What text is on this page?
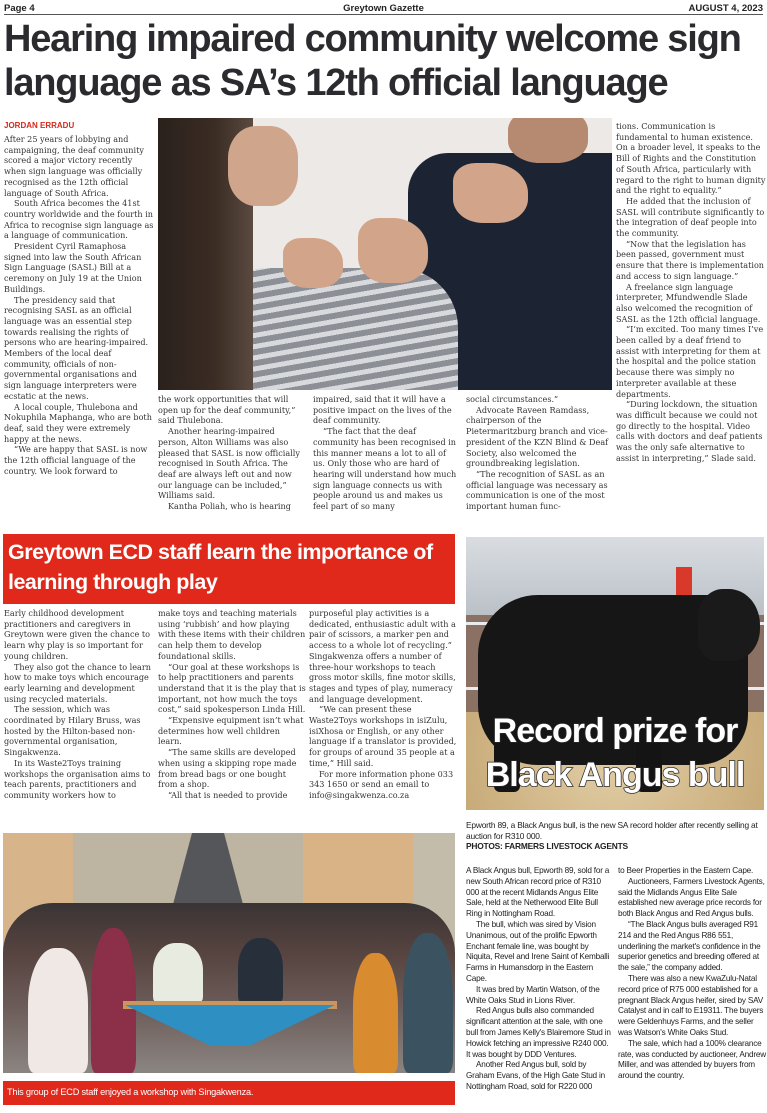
Page 4	Greytown Gazette	AUGUST 4, 2023
Hearing impaired community welcome sign language as SA’s 12th official language
JORDAN ERRADU

After 25 years of lobbying and campaigning, the deaf community scored a major victory recently when sign language was officially recognised as the 12th official language of South Africa.

South Africa becomes the 41st country worldwide and the fourth in Africa to recognise sign language as a language of communication.

President Cyril Ramaphosa signed into law the South African Sign Language (SASL) Bill at a ceremony on July 19 at the Union Buildings.

The presidency said that recognising SASL as an official language was an essential step towards realising the rights of persons who are hearing-impaired. Members of the local deaf community, officials of non-governmental organisations and sign language interpreters were ecstatic at the news.

A local couple, Thulebona and Nokuphila Maphanga, who are both deaf, said they were extremely happy at the news.

“We are happy that SASL is now the 12th official language of the country. We look forward to

the work opportunities that will open up for the deaf community,” said Thulebona.

Another hearing-impaired person, Alton Williams was also pleased that SASL is now officially recognised in South Africa. The deaf are always left out and now our language can be included,” Williams said.

Kantha Poliah, who is hearing

impaired, said that it will have a positive impact on the lives of the deaf community.

“The fact that the deaf community has been recognised in this manner means a lot to all of us. Only those who are hard of hearing will understand how much sign language connects us with people around us and makes us feel part of so many

social circumstances.”

Advocate Raveen Ramdass, chairperson of the Pietermaritzburg branch and vice-president of the KZN Blind & Deaf Society, also welcomed the groundbreaking legislation.

“The recognition of SASL as an official language was necessary as communication is one of the most important human func-

tions. Communication is fundamental to human existence. On a broader level, it speaks to the Bill of Rights and the Constitution of South Africa, particularly with regard to the right to human dignity and the right to equality.”

He added that the inclusion of SASL will contribute significantly to the integration of deaf people into the community.

“Now that the legislation has been passed, government must ensure that there is implementation and access to sign language.”

A freelance sign language interpreter, Mfundwendle Slade also welcomed the recognition of SASL as the 12th official language.

“I’m excited. Too many times I’ve been called by a deaf friend to assist with interpreting for them at the hospital and the police station because there was simply no interpreter available at these departments.

“During lockdown, the situation was difficult because we could not go directly to the hospital. Video calls with doctors and deaf patients was the only safe alternative to assist in interpreting,” Slade said.

Greytown ECD staff learn the importance of learning through play

Early childhood development practitioners and caregivers in Greytown were given the chance to learn why play is so important for young children.

They also got the chance to learn how to make toys which encourage early learning and development using recycled materials.

The session, which was coordinated by Hilary Bruss, was hosted by the Hilton-based non-governmental organisation, Singakwenza.

In its Waste2Toys training workshops the organisation aims to teach parents, practitioners and community workers how to

make toys and teaching materials using ‘rubbish’ and how playing with these items with their children can help them to develop foundational skills.

“Our goal at these workshops is to help practitioners and parents understand that it is the play that is important, not how much the toys cost,” said spokesperson Linda Hill.

“Expensive equipment isn’t what determines how well children learn.

“The same skills are developed when using a skipping rope made from bread bags or one bought from a shop.

“All that is needed to provide

purposeful play activities is a dedicated, enthusiastic adult with a pair of scissors, a marker pen and access to a whole lot of recycling.” Singakwenza offers a number of three-hour workshops to teach gross motor skills, fine motor skills, stages and types of play, numeracy and language development.

“We can present these Waste2Toys workshops in isiZulu, isiXhosa or English, or any other language if a translator is provided, for groups of around 35 people at a time,” Hill said.

For more information phone 033 343 1650 or send an email to info@singakwenza.co.za

This group of ECD staff enjoyed a workshop with Singakwenza.
Record prize for Black Angus bull
Epworth 89, a Black Angus bull, is the new SA record holder after recently selling at auction for R310 000.
PHOTOS: FARMERS LIVESTOCK AGENTS

A Black Angus bull, Epworth 89, sold for a new South African record price of R310 000 at the recent Midlands Angus Elite Sale, held at the Netherwood Elite Bull Ring in Nottingham Road.

The bull, which was sired by Vision Unanimous, out of the prolific Epworth Enchant female line, was bought by Niquita, Revel and Irene Saint of Kemballi Farms in Humansdorp in the Eastern Cape.

It was bred by Martin Watson, of the White Oaks Stud in Lions River.

Red Angus bulls also commanded significant attention at the sale, with one bull from James Kelly's Blairemore Stud in Howick fetching an impressive R240 000. It was bought by DDD Ventures.

Another Red Angus bull, sold by Graham Evans, of the High Gate Stud in Nottingham Road, sold for R220 000

to Beer Properties in the Eastern Cape.

Auctioneers, Farmers Livestock Agents, said the Midlands Angus Elite Sale established new average price records for both Black Angus and Red Angus bulls.

“The Black Angus bulls averaged R91 214 and the Red Angus R86 551, underlining the market's confidence in the superior genetics and breeding offered at the sale,” the company added.

There was also a new KwaZulu-Natal record price of R75 000 established for a pregnant Black Angus heifer, sired by SAV Catalyst and in calf to E19311. The buyers were Geldenhuys Farms, and the seller was Watson's White Oaks Stud.

The sale, which had a 100% clearance rate, was conducted by auctioneer, Andrew Miller, and was attended by buyers from around the country.
